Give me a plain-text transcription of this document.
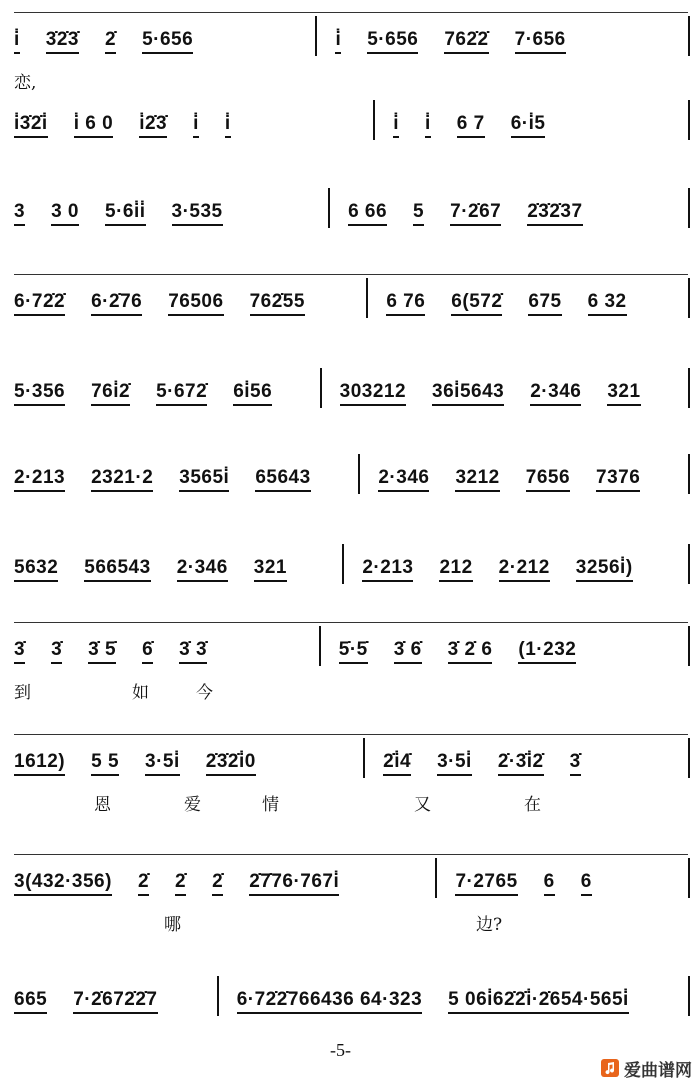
i̇ 3̇2̇3̇ 2̇ 5·656	i̇ 5·656 762̇2̇ 7·656
恋,
i̇3̇2̇i̇ i̇ 6 0 i̇2̇3̇ i̇ i̇	i̇ i̇ 6 7 6·i̇5
3 3 0 5·6i̇i̇ 3·535	6 66 5 7·2̇67 2̇3̇2̇37
6·72̇2̇ 6·2̇76 76506 762̇55	6 76 6(572̇ 675 6 32
5·356 76i̇2̇ 5·672̇ 6i̇56	303212 36i̇5643 2·346 321
2·213 2321·2 3565i̇ 65643	2·346 3212 7656 7376
5632 566543 2·346 321	2·213 212 2·212 3256i̇)
3̇ 3̇ 3̇ 5̇ 6̇ 3̇ 3̇	5̇·5̇ 3̇ 6̇ 3̇ 2̇ 6 (1·232
到	如	今
1612) 5 5 3·5i̇ 2̇3̇2̇i̇0	2̇i̇4̇ 3·5i̇ 2̇·3̇i̇2̇ 3̇
恩	爱	情	又	在
3(432·356) 2̇ 2̇ 2̇ 2̇7̇76·767i̇	7·2765 6 6
哪	边?
665 7·2̇672̇2̇7	6·72̇2̇766436 64·323 5 06i̇62̇2̇i̇·2̇654·565i̇
-5-
爱曲谱网
